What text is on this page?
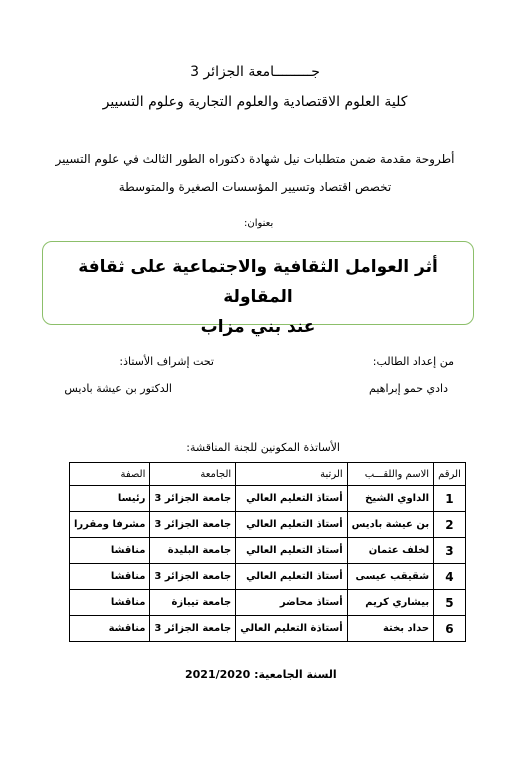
جـــــــــامعة الجزائر 3
كلية العلوم الاقتصادية والعلوم التجارية وعلوم التسيير
أطروحة مقدمة ضمن متطلبات نيل شهادة دكتوراه الطور الثالث في علوم التسيير
تخصص اقتصاد وتسيير المؤسسات الصغيرة والمتوسطة
بعنوان:
أثر العوامل الثقافية والاجتماعية على ثقافة المقاولة
عند بني مزاب
من إعداد الطالب:
تحت إشراف الأستاذ:
دادي حمو إبراهيم
الدكتور بن عيشة باديس
الأساتذة المكونين للجنة المناقشة:
الرقم	الاسم واللقـــب	الرتبة	الجامعة	الصفة
1	الداوي الشيخ	أستاذ التعليم العالي	جامعة الجزائر 3	رئيسا
2	بن عيشة باديس	أستاذ التعليم العالي	جامعة الجزائر 3	مشرفا ومقررا
3	لخلف عثمان	أستاذ التعليم العالي	جامعة البليدة	مناقشا
4	شقيقب عيسى	أستاذ التعليم العالي	جامعة الجزائر 3	مناقشا
5	بيشاري كريم	أستاذ محاضر	جامعة تيبازة	مناقشا
6	حداد بختة	أستاذة التعليم العالي	جامعة الجزائر 3	مناقشة
السنة الجامعية: 2021/2020
